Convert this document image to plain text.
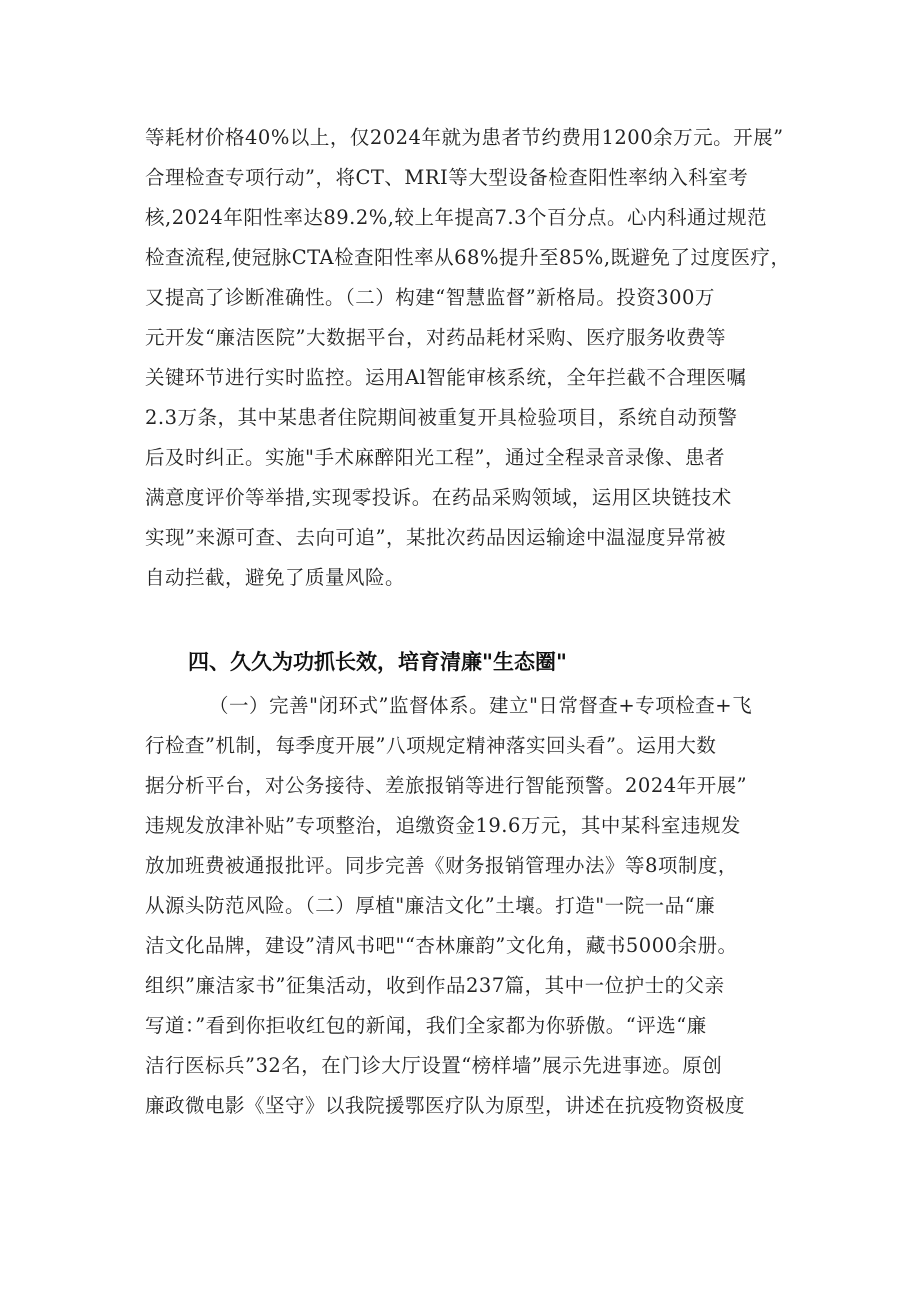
等耗材价格40%以上，仅2024年就为患者节约费用1200余万元。开展”
合理检查专项行动”，将CT、MRI等大型设备检查阳性率纳入科室考
核,2024年阳性率达89.2%,较上年提高7.3个百分点。心内科通过规范
检查流程,使冠脉CTA检查阳性率从68%提升至85%,既避免了过度医疗，
又提高了诊断准确性。（二）构建“智慧监督”新格局。投资300万
元开发“廉洁医院”大数据平台，对药品耗材采购、医疗服务收费等
关键环节进行实时监控。运用Al智能审核系统，全年拦截不合理医嘱
2.3万条，其中某患者住院期间被重复开具检验项目，系统自动预警
后及时纠正。实施"手术麻醉阳光工程”，通过全程录音录像、患者
满意度评价等举措,实现零投诉。在药品采购领域，运用区块链技术
实现”来源可查、去向可追”，某批次药品因运输途中温湿度异常被
自动拦截，避免了质量风险。
四、久久为功抓长效，培育清廉"生态圈"
（一）完善"闭环式”监督体系。建立"日常督查+专项检查+飞
行检查”机制，每季度开展”八项规定精神落实回头看”。运用大数
据分析平台，对公务接待、差旅报销等进行智能预警。2024年开展”
违规发放津补贴”专项整治，追缴资金19.6万元，其中某科室违规发
放加班费被通报批评。同步完善《财务报销管理办法》等8项制度，
从源头防范风险。（二）厚植"廉洁文化”土壤。打造"一院一品“廉
洁文化品牌，建设”清风书吧"“杏林廉韵”文化角，藏书5000余册。
组织”廉洁家书”征集活动，收到作品237篇，其中一位护士的父亲
写道：”看到你拒收红包的新闻，我们全家都为你骄傲。“评选“廉
洁行医标兵”32名，在门诊大厅设置“榜样墙”展示先进事迹。原创
廉政微电影《坚守》以我院援鄂医疗队为原型，讲述在抗疫物资极度
